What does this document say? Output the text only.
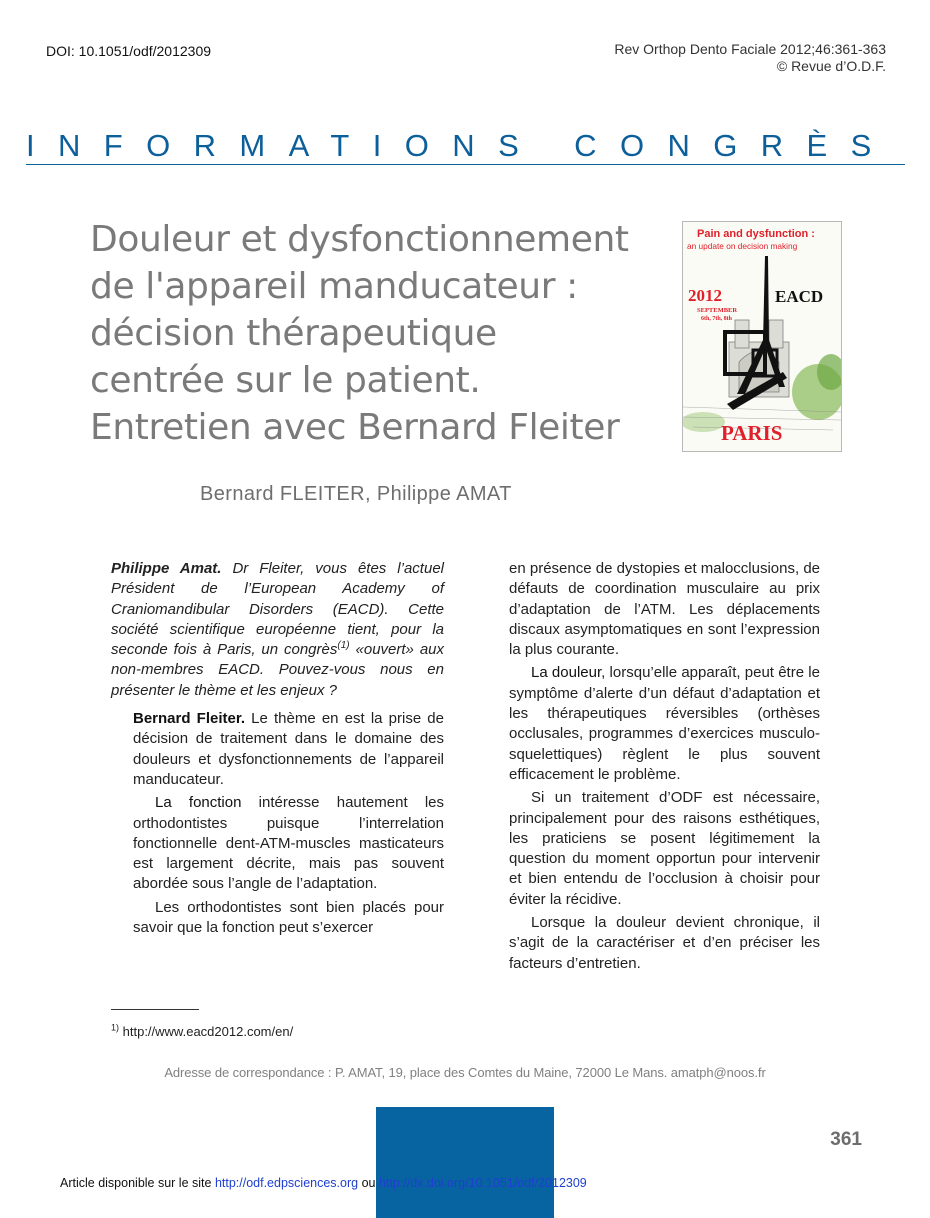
DOI: 10.1051/odf/2012309	Rev Orthop Dento Faciale 2012;46:361-363
© Revue d’O.D.F.
INFORMATIONS CONGRÈS
Douleur et dysfonctionnement
de l'appareil manducateur :
décision thérapeutique
centrée sur le patient.
Entretien avec Bernard Fleiter
Bernard FLEITER, Philippe AMAT
Pain and dysfunction :
an update on decision making
2012	EACD
SEPTEMBER
6th, 7th, 8th
PARIS

Philippe Amat. Dr Fleiter, vous êtes l’actuel Président de l’European Academy of Craniomandibular Disorders (EACD). Cette société scientifique européenne tient, pour la seconde fois à Paris, un congrès$^{(1)}$ «ouvert» aux non-membres EACD. Pouvez-vous nous en présenter le thème et les enjeux ?

Bernard Fleiter. Le thème en est la prise de décision de traitement dans le domaine des douleurs et dysfonctionnements de l’appareil manducateur.

La fonction intéresse hautement les orthodontistes puisque l’interrelation fonctionnelle dent-ATM-muscles masticateurs est largement décrite, mais pas souvent abordée sous l’angle de l’adaptation.

Les orthodontistes sont bien placés pour savoir que la fonction peut s’exercer

en présence de dystopies et malocclusions, de défauts de coordination musculaire au prix d’adaptation de l’ATM. Les déplacements discaux asymptomatiques en sont l’expression la plus courante.

La douleur, lorsqu’elle apparaît, peut être le symptôme d’alerte d’un défaut d’adaptation et les thérapeutiques réversibles (orthèses occlusales, programmes d’exercices musculo-squelettiques) règlent le plus souvent efficacement le problème.

Si un traitement d’ODF est nécessaire, principalement pour des raisons esthétiques, les praticiens se posent légitimement la question du moment opportun pour intervenir et bien entendu de l’occlusion à choisir pour éviter la récidive.

Lorsque la douleur devient chronique, il s’agit de la caractériser et d’en préciser les facteurs d’entretien.

$^{1)}$ http://www.eacd2012.com/en/
Adresse de correspondance : P. AMAT, 19, place des Comtes du Maine, 72000 Le Mans. amatph@noos.fr
361
Article disponible sur le site http://odf.edpsciences.org ou http://dx.doi.org/10.1051/odf/2012309
